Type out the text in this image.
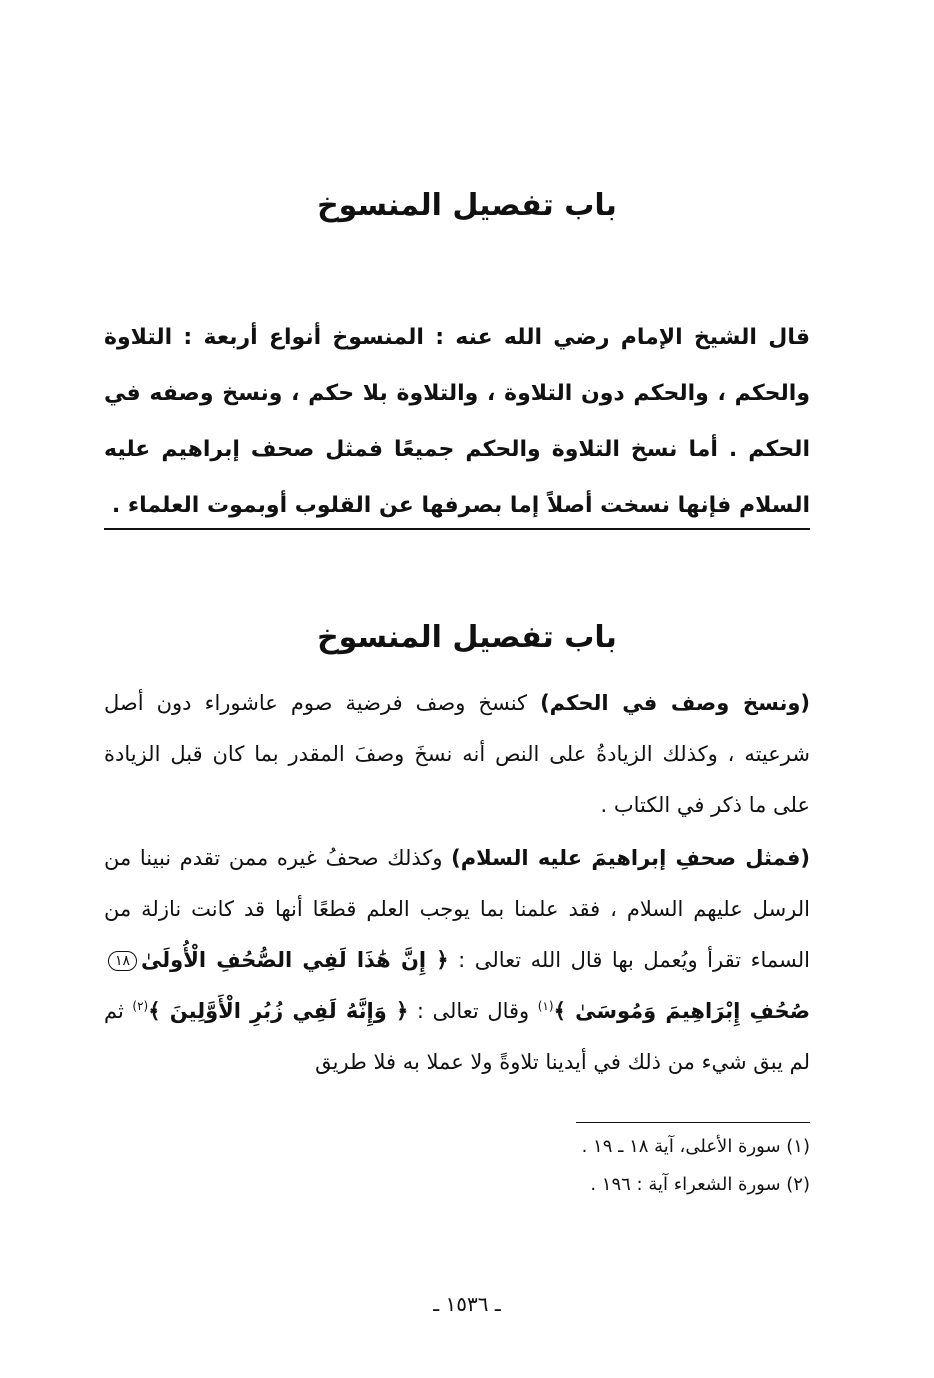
باب تفصيل المنسوخ

قال الشيخ الإمام رضي الله عنه : المنسوخ أنواع أربعة : التلاوة والحكم ، والحكم دون التلاوة ، والتلاوة بلا حكم ، ونسخ وصفه في الحكم . أما نسخ التلاوة والحكم جميعًا فمثل صحف إبراهيم عليه السلام فإنها نسخت أصلاً إما بصرفها عن القلوب أوبموت العلماء .

باب تفصيل المنسوخ

(ونسخ وصف في الحكم) كنسخ وصف فرضية صوم عاشوراء دون أصل شرعيته ، وكذلك الزيادةُ على النص أنه نسخَ وصفَ المقدر بما كان قبل الزيادة على ما ذكر في الكتاب .

(فمثل صحفِ إبراهيمَ عليه السلام) وكذلك صحفُ غيره ممن تقدم نبينا من الرسل عليهم السلام ، فقد علمنا بما يوجب العلم قطعًا أنها قد كانت نازلة من السماء تقرأ ويُعمل بها قال الله تعالى : ﴿ إِنَّ هَٰذَا لَفِي الصُّحُفِ الْأُولَىٰ١٨صُحُفِ إِبْرَاهِيمَ وَمُوسَىٰ ﴾$^{(١)}$ وقال تعالى : ﴿ وَإِنَّهُ لَفِي زُبُرِ الْأَوَّلِينَ ﴾$^{(٢)}$ ثم لم يبق شيء من ذلك في أيدينا تلاوةً ولا عملا به فلا طريق

(١) سورة الأعلى، آية ١٨ ـ ١٩ .

(٢) سورة الشعراء آية : ١٩٦ .

ـ ١٥٣٦ ـ
